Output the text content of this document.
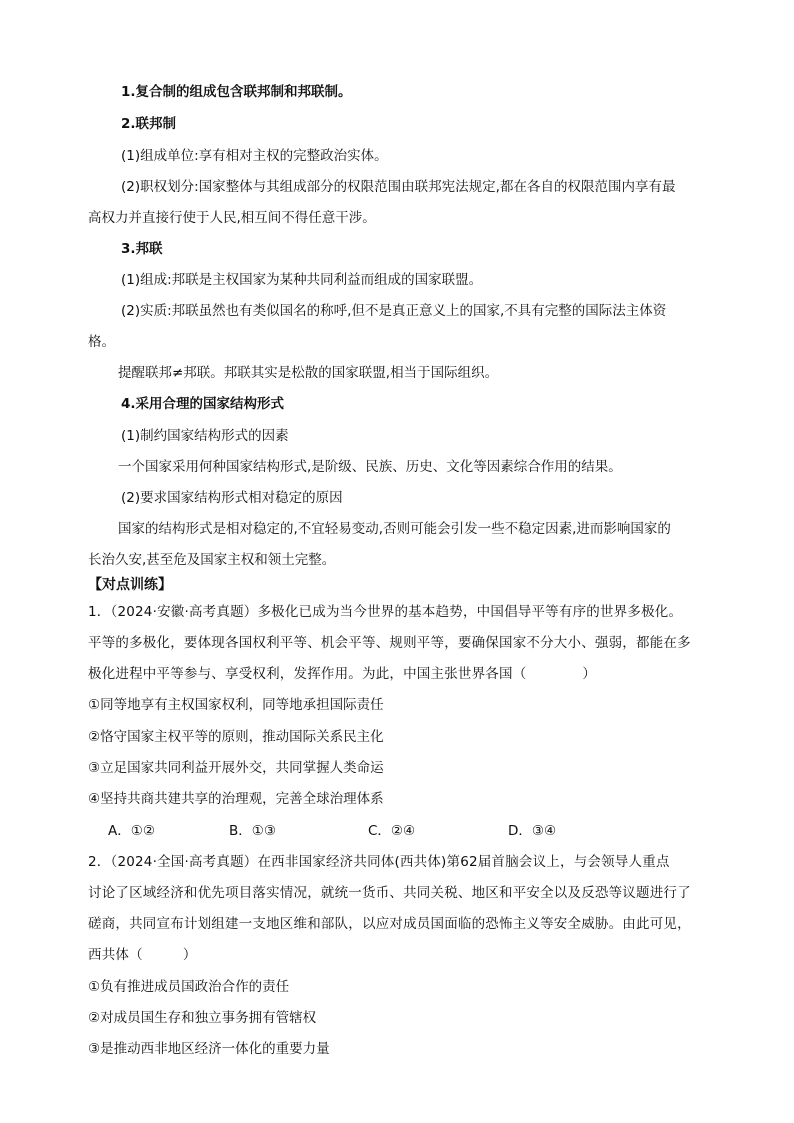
1.复合制的组成包含联邦制和邦联制。
2.联邦制
(1)组成单位:享有相对主权的完整政治实体。
(2)职权划分:国家整体与其组成部分的权限范围由联邦宪法规定,都在各自的权限范围内享有最
高权力并直接行使于人民,相互间不得任意干涉。
3.邦联
(1)组成:邦联是主权国家为某种共同利益而组成的国家联盟。
(2)实质:邦联虽然也有类似国名的称呼,但不是真正意义上的国家,不具有完整的国际法主体资
格。
提醒联邦≠邦联。邦联其实是松散的国家联盟,相当于国际组织。
4.采用合理的国家结构形式
(1)制约国家结构形式的因素
一个国家采用何种国家结构形式,是阶级、民族、历史、文化等因素综合作用的结果。
(2)要求国家结构形式相对稳定的原因
国家的结构形式是相对稳定的,不宜轻易变动,否则可能会引发一些不稳定因素,进而影响国家的
长治久安,甚至危及国家主权和领土完整。
【对点训练】
1．（2024·安徽·高考真题）多极化已成为当今世界的基本趋势，中国倡导平等有序的世界多极化。
平等的多极化，要体现各国权利平等、机会平等、规则平等，要确保国家不分大小、强弱，都能在多
极化进程中平等参与、享受权利，发挥作用。为此，中国主张世界各国（	）
①同等地享有主权国家权利，同等地承担国际责任
②恪守国家主权平等的原则，推动国际关系民主化
③立足国家共同利益开展外交，共同掌握人类命运
④坚持共商共建共享的治理观，完善全球治理体系
A．①②	B．①③	C．②④	D．③④
2．（2024·全国·高考真题）在西非国家经济共同体(西共体)第62届首脑会议上，与会领导人重点
讨论了区域经济和优先项目落实情况，就统一货币、共同关税、地区和平安全以及反恐等议题进行了
磋商，共同宣布计划组建一支地区维和部队，以应对成员国面临的恐怖主义等安全威胁。由此可见，
西共体（	）
①负有推进成员国政治合作的责任
②对成员国生存和独立事务拥有管辖权
③是推动西非地区经济一体化的重要力量
